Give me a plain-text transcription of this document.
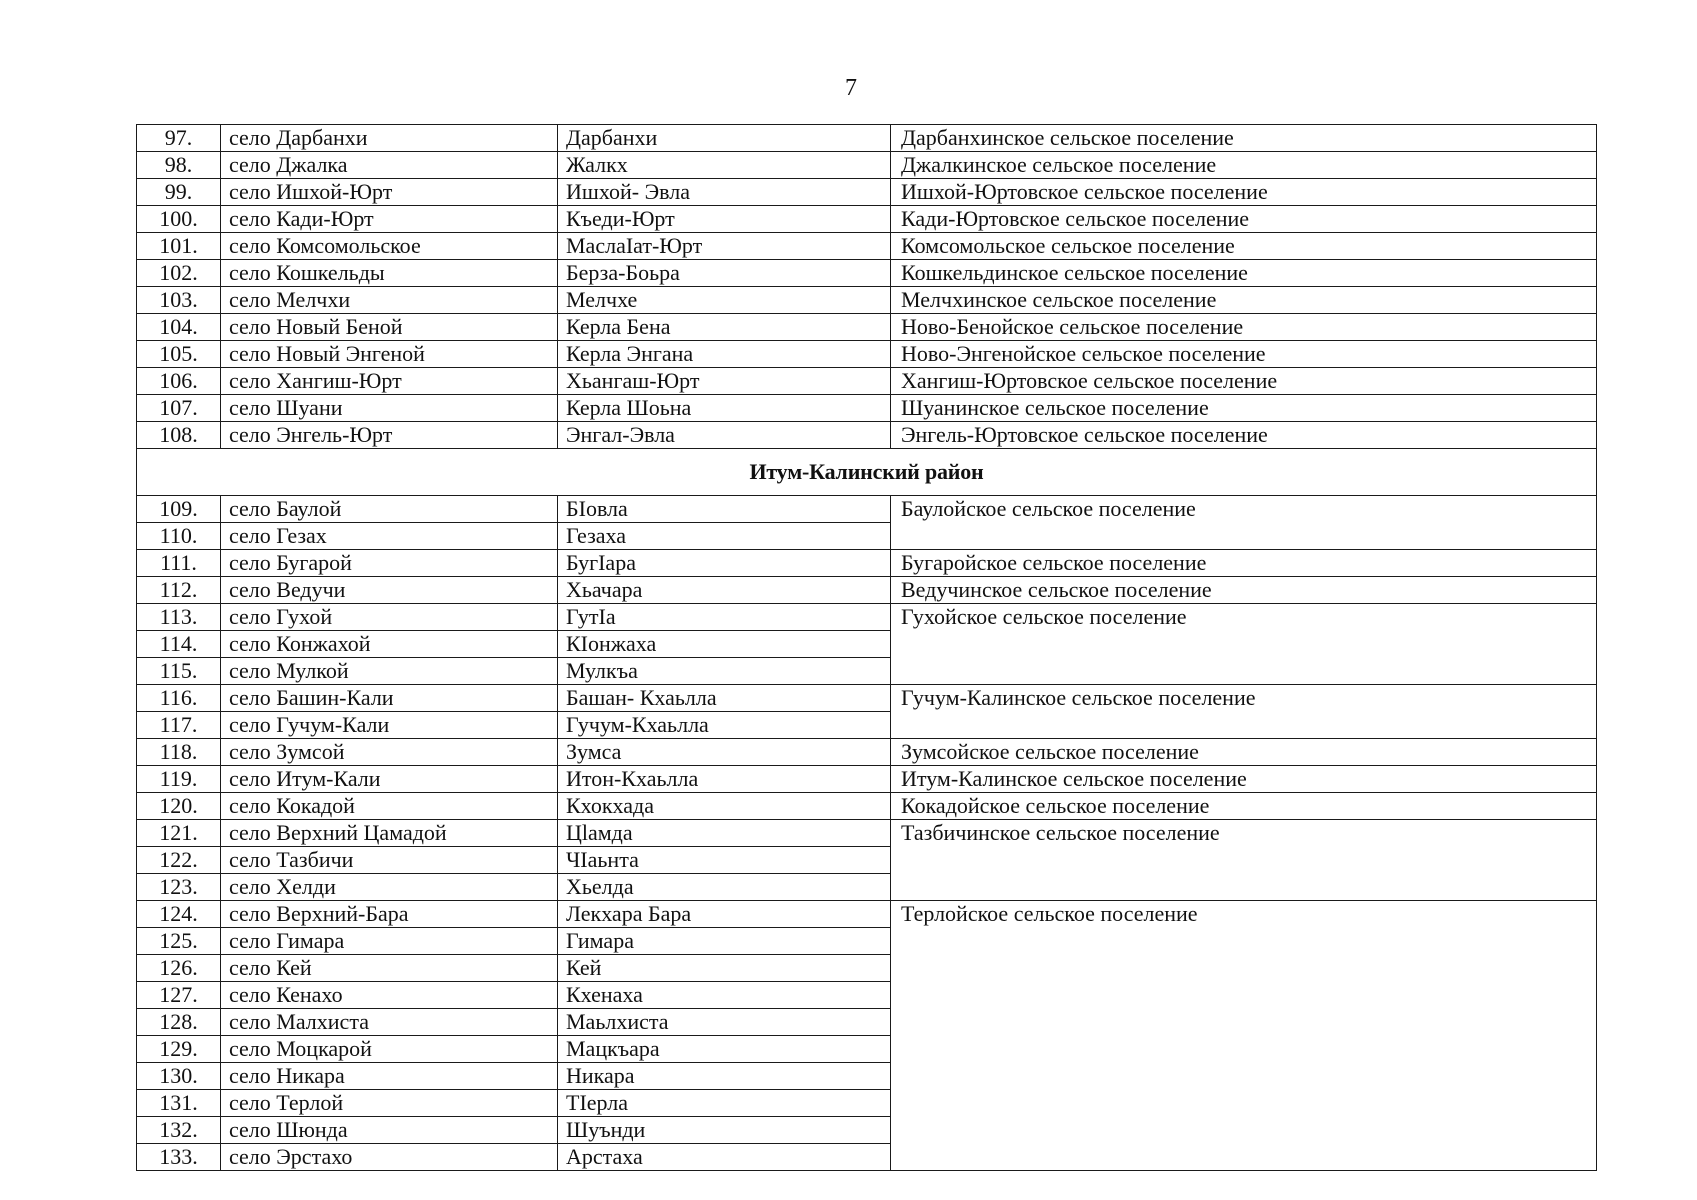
7
97.	село Дарбанхи	Дарбанхи	Дарбанхинское сельское поселение
98.	село Джалка	Жалкх	Джалкинское сельское поселение
99.	село Ишхой-Юрт	Ишхой- Эвла	Ишхой-Юртовское сельское поселение
100.	село Кади-Юрт	Къеди-Юрт	Кади-Юртовское сельское поселение
101.	село Комсомольское	МаслаIат-Юрт	Комсомольское сельское поселение
102.	село Кошкельды	Берза-Боьра	Кошкельдинское сельское поселение
103.	село Мелчхи	Мелчхе	Мелчхинское сельское поселение
104.	село Новый Беной	Керла Бена	Ново-Бенойское сельское поселение
105.	село Новый Энгеной	Керла Энгана	Ново-Энгенойское сельское поселение
106.	село Хангиш-Юрт	Хьангаш-Юрт	Хангиш-Юртовское сельское поселение
107.	село Шуани	Керла Шоьна	Шуанинское сельское поселение
108.	село Энгель-Юрт	Энгал-Эвла	Энгель-Юртовское сельское поселение
Итум-Калинский район			
109.	село Баулой	БIовла	Баулойское сельское поселение
110.	село Гезах	Гезаха	
111.	село Бугарой	БугIара	Бугаройское сельское поселение
112.	село Ведучи	Хьачара	Ведучинское сельское поселение
113.	село Гухой	ГутIа	Гухойское сельское поселение
114.	село Конжахой	КIонжаха	
115.	село Мулкой	Мулкъа	
116.	село Башин-Кали	Башан- Кхаьлла	Гучум-Калинское сельское поселение
117.	село Гучум-Кали	Гучум-Кхаьлла	
118.	село Зумсой	Зумса	Зумсойское сельское поселение
119.	село Итум-Кали	Итон-Кхаьлла	Итум-Калинское сельское поселение
120.	село Кокадой	Кхокхада	Кокадойское сельское поселение
121.	село Верхний Цамадой	Цlамда	Тазбичинское сельское поселение
122.	село Тазбичи	ЧIаьнта	
123.	село Хелди	Хьелда	
124.	село Верхний-Бара	Лекхара Бара	Терлойское сельское поселение
125.	село Гимара	Гимара	
126.	село Кей	Кей	
127.	село Кенахо	Кхенаха	
128.	село Малхиста	Маьлхиста	
129.	село Моцкарой	Мацкъара	
130.	село Никара	Никара	
131.	село Терлой	ТIерла	
132.	село Шюнда	Шуънди	
133.	село Эрстахо	Арстаха	
